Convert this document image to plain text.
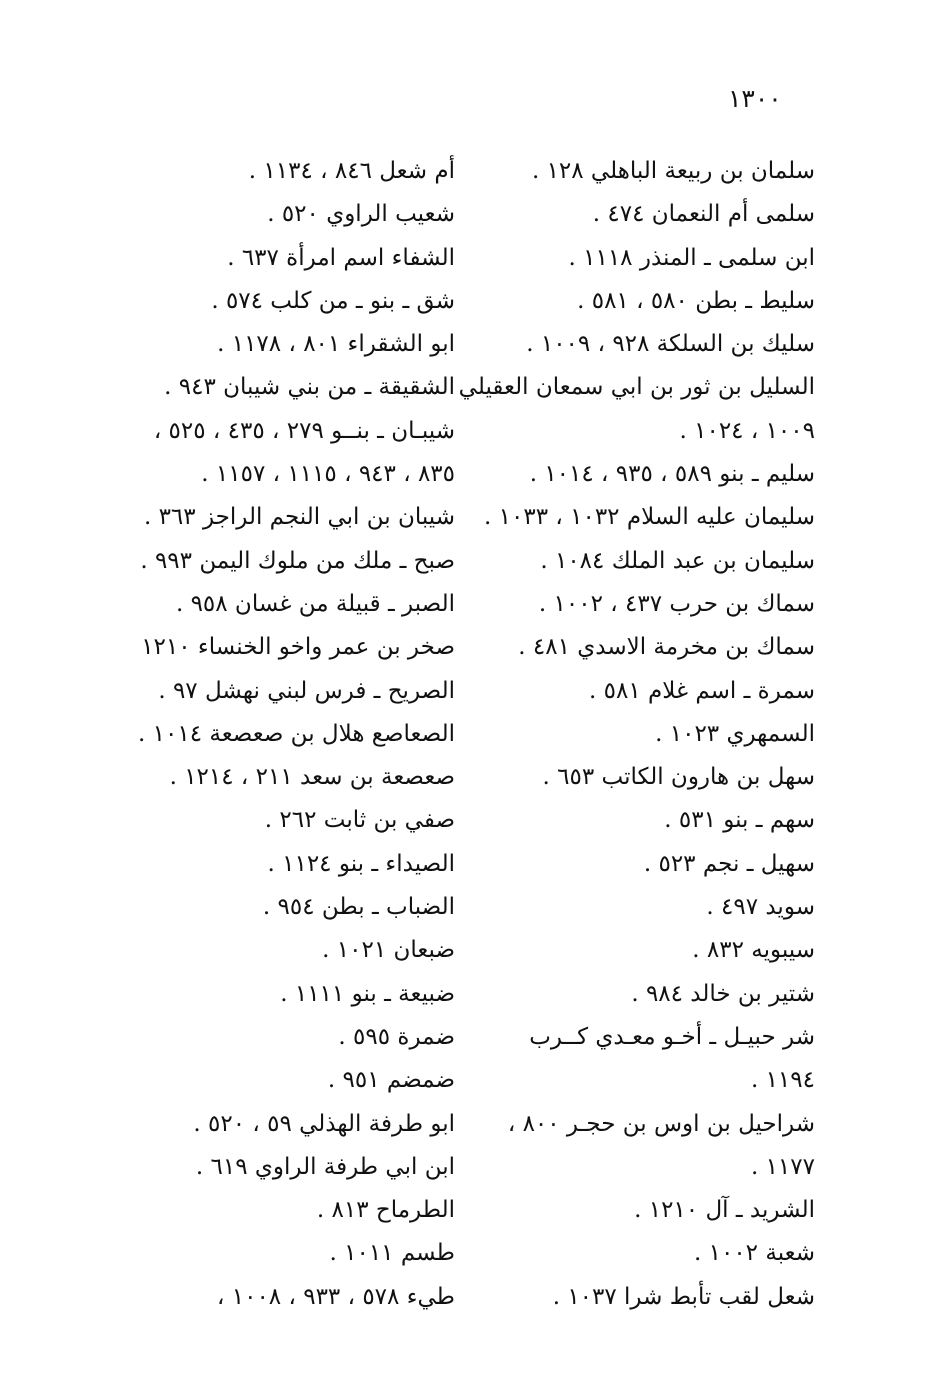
١٣٠٠
سلمان بن ربيعة الباهلي ١٢٨ .
سلمى أم النعمان ٤٧٤ .
ابن سلمى ـ المنذر ١١١٨ .
سليط ـ بطن ٥٨٠ ، ٥٨١ .
سليك بن السلكة ٩٢٨ ، ١٠٠٩ .
السليل بن ثور بن ابي سمعان العقيلي
١٠٠٩ ، ١٠٢٤ .
سليم ـ بنو ٥٨٩ ، ٩٣٥ ، ١٠١٤ .
سليمان عليه السلام ١٠٣٢ ، ١٠٣٣ .
سليمان بن عبد الملك ١٠٨٤ .
سماك بن حرب ٤٣٧ ، ١٠٠٢ .
سماك بن مخرمة الاسدي ٤٨١ .
سمرة ـ اسم غلام ٥٨١ .
السمهري ١٠٢٣ .
سهل بن هارون الكاتب ٦٥٣ .
سهم ـ بنو ٥٣١ .
سهيل ـ نجم ٥٢٣ .
سويد ٤٩٧ .
سيبويه ٨٣٢ .
شتير بن خالد ٩٨٤ .
شر حبيـل ـ أخـو معـدي كــرب
١١٩٤ .
شراحيل بن اوس بن حجـر ٨٠٠ ،
١١٧٧ .
الشريد ـ آل ١٢١٠ .
شعبة ١٠٠٢ .
شعل لقب تأبط شرا ١٠٣٧ .
أم شعل ٨٤٦ ، ١١٣٤ .
شعيب الراوي ٥٢٠ .
الشفاء اسم امرأة ٦٣٧ .
شق ـ بنو ـ من كلب ٥٧٤ .
ابو الشقراء ٨٠١ ، ١١٧٨ .
الشقيقة ـ من بني شيبان ٩٤٣ .
شيبـان ـ بنــو ٢٧٩ ، ٤٣٥ ، ٥٢٥ ،
٨٣٥ ، ٩٤٣ ، ١١١٥ ، ١١٥٧ .
شيبان بن ابي النجم الراجز ٣٦٣ .
صبح ـ ملك من ملوك اليمن ٩٩٣ .
الصبر ـ قبيلة من غسان ٩٥٨ .
صخر بن عمر واخو الخنساء ١٢١٠
الصريح ـ فرس لبني نهشل ٩٧ .
الصعاصع هلال بن صعصعة ١٠١٤ .
صعصعة بن سعد ٢١١ ، ١٢١٤ .
صفي بن ثابت ٢٦٢ .
الصيداء ـ بنو ١١٢٤ .
الضباب ـ بطن ٩٥٤ .
ضبعان ١٠٢١ .
ضبيعة ـ بنو ١١١١ .
ضمرة ٥٩٥ .
ضمضم ٩٥١ .
ابو طرفة الهذلي ٥٩ ، ٥٢٠ .
ابن ابي طرفة الراوي ٦١٩ .
الطرماح ٨١٣ .
طسم ١٠١١ .
طيء ٥٧٨ ، ٩٣٣ ، ١٠٠٨ ،
